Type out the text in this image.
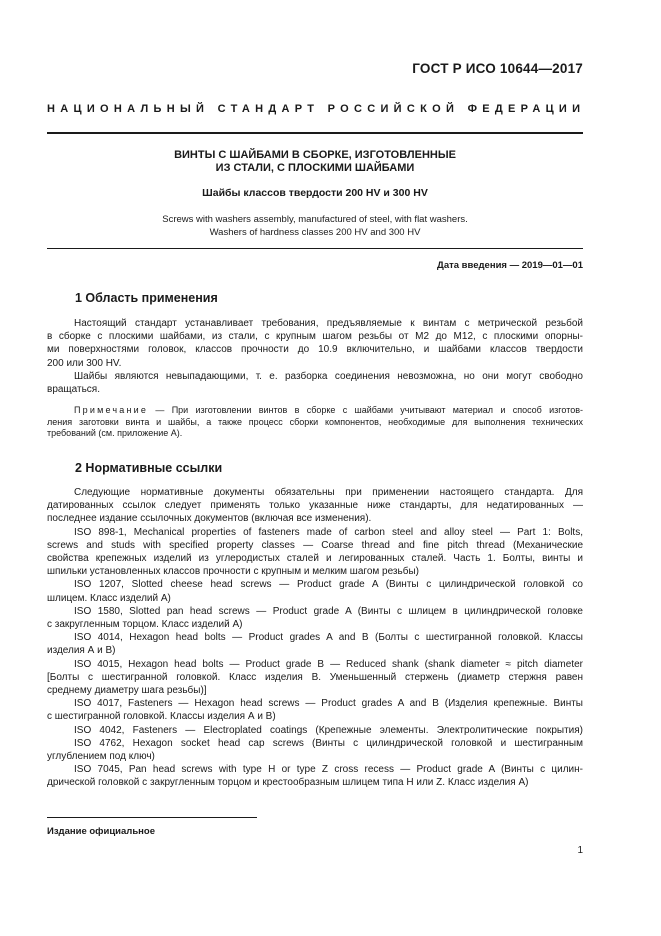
ГОСТ Р ИСО 10644—2017
НАЦИОНАЛЬНЫЙ СТАНДАРТ РОССИЙСКОЙ ФЕДЕРАЦИИ
ВИНТЫ С ШАЙБАМИ В СБОРКЕ, ИЗГОТОВЛЕННЫЕ
ИЗ СТАЛИ, С ПЛОСКИМИ ШАЙБАМИ
Шайбы классов твердости 200 HV и 300 HV
Screws with washers assembly, manufactured of steel, with flat washers.
Washers of hardness classes 200 HV and 300 HV
Дата введения — 2019—01—01
1 Область применения
Настоящий стандарт устанавливает требования, предъявляемые к винтам с метрической резьбой
в сборке с плоскими шайбами, из стали, с крупным шагом резьбы от М2 до М12, с плоскими опорны-
ми поверхностями головок, классов прочности до 10.9 включительно, и шайбами классов твердости
200 или 300 HV.
Шайбы являются невыпадающими, т. е. разборка соединения невозможна, но они могут свободно
вращаться.
Примечание — При изготовлении винтов в сборке с шайбами учитывают материал и способ изготов-
ления заготовки винта и шайбы, а также процесс сборки компонентов, необходимые для выполнения технических
требований (см. приложение А).
2 Нормативные ссылки
Следующие нормативные документы обязательны при применении настоящего стандарта. Для
датированных ссылок следует применять только указанные ниже стандарты, для недатированных —
последнее издание ссылочных документов (включая все изменения).
ISO 898-1, Mechanical properties of fasteners made of carbon steel and alloy steel — Part 1: Bolts,
screws and studs with specified property classes — Coarse thread and fine pitch thread (Механические
свойства крепежных изделий из углеродистых сталей и легированных сталей. Часть 1. Болты, винты и
шпильки установленных классов прочности с крупным и мелким шагом резьбы)
ISO 1207, Slotted cheese head screws — Product grade A (Винты с цилиндрической головкой со
шлицем. Класс изделий А)
ISO 1580, Slotted pan head screws — Product grade A (Винты с шлицем в цилиндрической головке
с закругленным торцом. Класс изделий А)
ISO 4014, Hexagon head bolts — Product grades A and B (Болты с шестигранной головкой. Классы
изделия А и В)
ISO 4015, Hexagon head bolts — Product grade B — Reduced shank (shank diameter ≈ pitch diameter
[Болты с шестигранной головкой. Класс изделия В. Уменьшенный стержень (диаметр стержня равен
среднему диаметру шага резьбы)]
ISO 4017, Fasteners — Hexagon head screws — Product grades A and B (Изделия крепежные. Винты
с шестигранной головкой. Классы изделия А и В)
ISO 4042, Fasteners — Electroplated coatings (Крепежные элементы. Электролитические покрытия)
ISO 4762, Hexagon socket head cap screws (Винты с цилиндрической головкой и шестигранным
углублением под ключ)
ISO 7045, Pan head screws with type H or type Z cross recess — Product grade A (Винты с цилин-
дрической головкой с закругленным торцом и крестообразным шлицем типа H или Z. Класс изделия А)
Издание официальное
1
